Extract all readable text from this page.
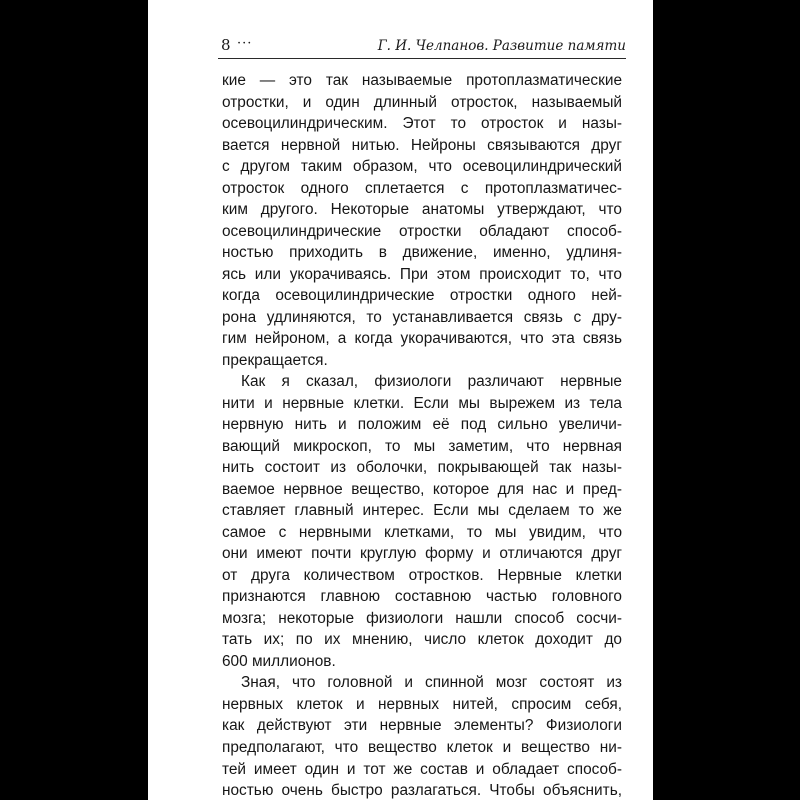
8 ···	Г. И. Челпанов. Развитие памяти
кие — это так называемые протоплазматические
отростки, и один длинный отросток, называемый
осевоцилиндрическим. Этот то отросток и назы-
вается нервной нитью. Нейроны связываются друг
с другом таким образом, что осевоцилиндрический
отросток одного сплетается с протоплазматичес-
ким другого. Некоторые анатомы утверждают, что
осевоцилиндрические отростки обладают способ-
ностью приходить в движение, именно, удлиня-
ясь или укорачиваясь. При этом происходит то, что
когда осевоцилиндрические отростки одного ней-
рона удлиняются, то устанавливается связь с дру-
гим нейроном, а когда укорачиваются, что эта связь
прекращается.
Как я сказал, физиологи различают нервные
нити и нервные клетки. Если мы вырежем из тела
нервную нить и положим её под сильно увеличи-
вающий микроскоп, то мы заметим, что нервная
нить состоит из оболочки, покрывающей так назы-
ваемое нервное вещество, которое для нас и пред-
ставляет главный интерес. Если мы сделаем то же
самое с нервными клетками, то мы увидим, что
они имеют почти круглую форму и отличаются друг
от друга количеством отростков. Нервные клетки
признаются главною составною частью головного
мозга; некоторые физиологи нашли способ сосчи-
тать их; по их мнению, число клеток доходит до
600 миллионов.
Зная, что головной и спинной мозг состоят из
нервных клеток и нервных нитей, спросим себя,
как действуют эти нервные элементы? Физиологи
предполагают, что вещество клеток и вещество ни-
тей имеет один и тот же состав и обладает способ-
ностью очень быстро разлагаться. Чтобы объяснить,
